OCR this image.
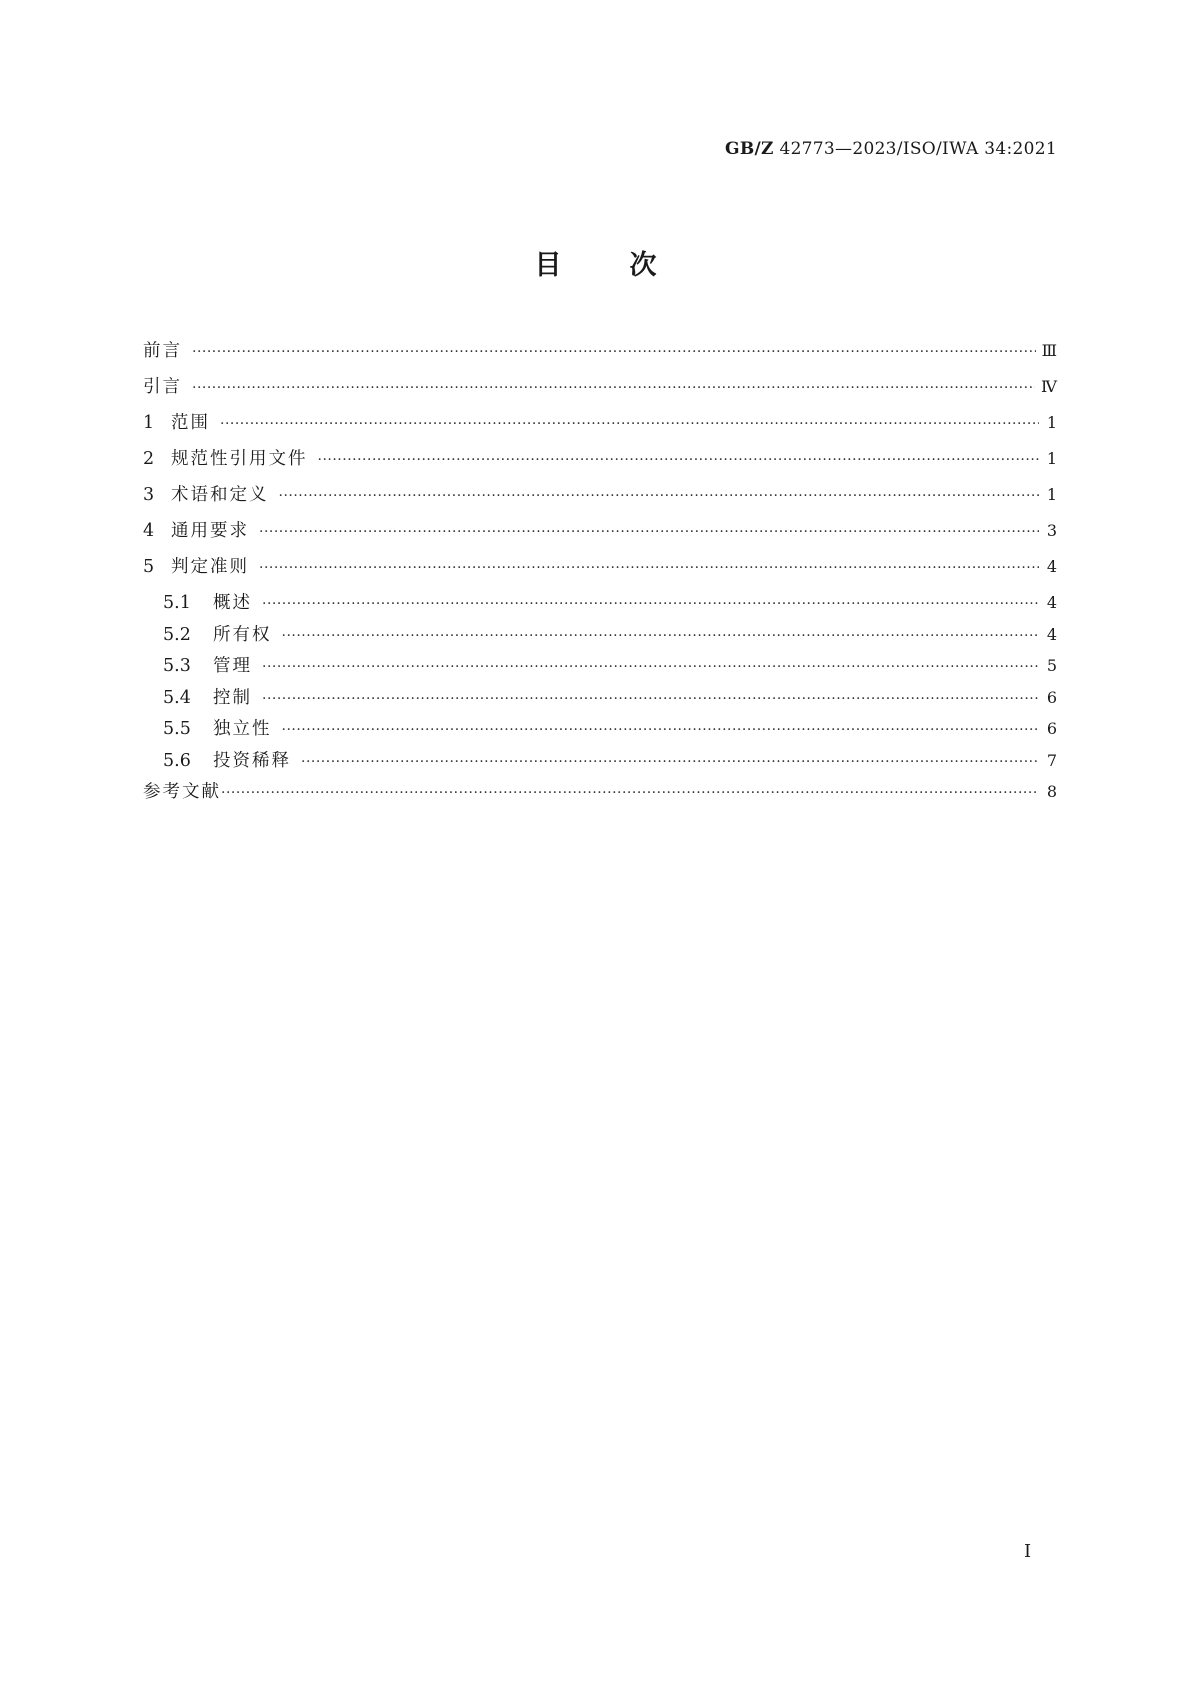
GB/Z 42773—2023/ISO/IWA 34:2021
目	次
前言 ·····	Ⅲ
引言 ·····	Ⅳ
1 范围 ·····	1
2 规范性引用文件 ·····	1
3 术语和定义 ·····	1
4 通用要求 ·····	3
5 判定准则 ·····	4
5.1 概述 ·····	4
5.2 所有权 ·····	4
5.3 管理 ·····	5
5.4 控制 ·····	6
5.5 独立性 ·····	6
5.6 投资稀释 ·····	7
参考文献 ·····	8
Ⅰ
